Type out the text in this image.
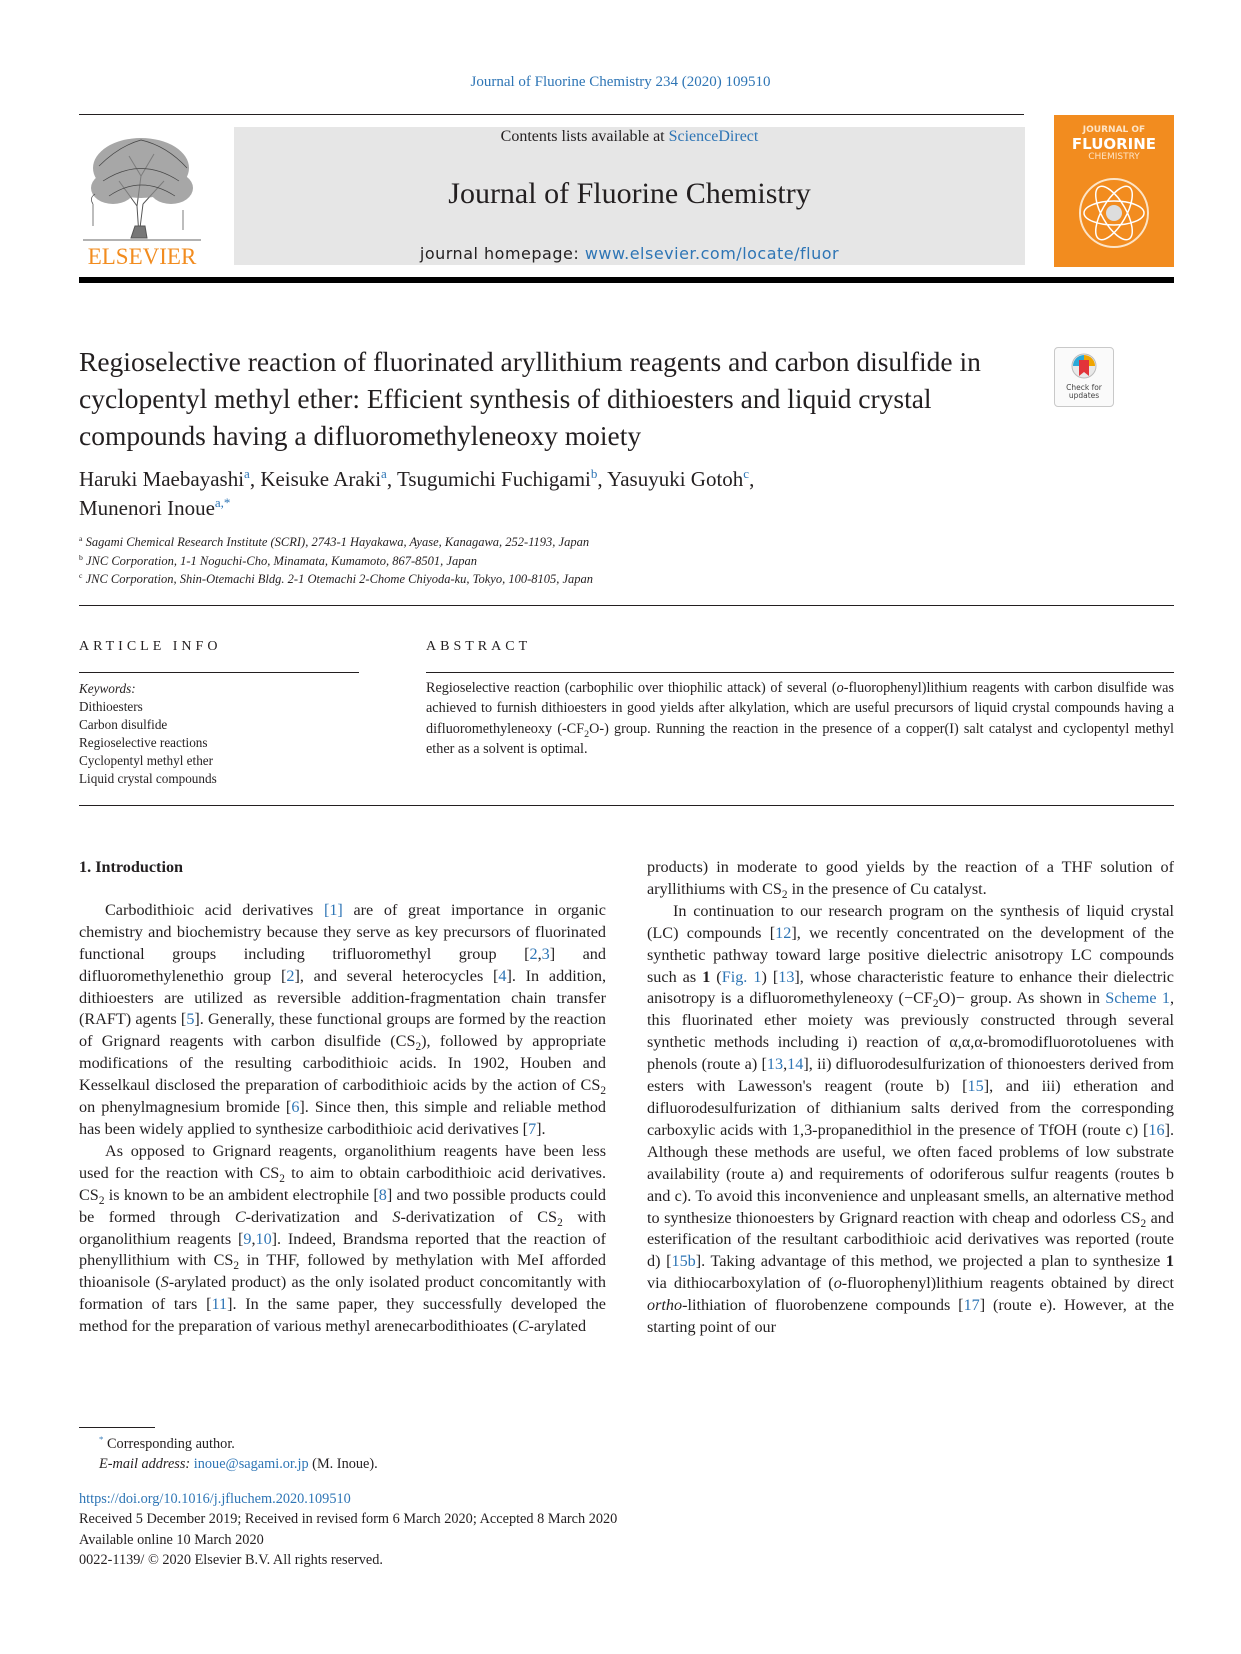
Journal of Fluorine Chemistry 234 (2020) 109510
ELSEVIER
Contents lists available at ScienceDirect
Journal of Fluorine Chemistry
journal homepage: www.elsevier.com/locate/fluor
JOURNAL OF
FLUORINE
CHEMISTRY
Regioselective reaction of fluorinated aryllithium reagents and carbon disulfide in cyclopentyl methyl ether: Efficient synthesis of dithioesters and liquid crystal compounds having a difluoromethyleneoxy moiety
Check for updates
Haruki Maebayashi$^a$, Keisuke Araki$^a$, Tsugumichi Fuchigami$^b$, Yasuyuki Gotoh$^c$,
Munenori Inoue$^{a,*}$
$^a$ Sagami Chemical Research Institute (SCRI), 2743-1 Hayakawa, Ayase, Kanagawa, 252-1193, Japan
$^b$ JNC Corporation, 1-1 Noguchi-Cho, Minamata, Kumamoto, 867-8501, Japan
$^c$ JNC Corporation, Shin-Otemachi Bldg. 2-1 Otemachi 2-Chome Chiyoda-ku, Tokyo, 100-8105, Japan
ARTICLE INFO
Keywords:
Dithioesters
Carbon disulfide
Regioselective reactions
Cyclopentyl methyl ether
Liquid crystal compounds
ABSTRACT
Regioselective reaction (carbophilic over thiophilic attack) of several (o-fluorophenyl)lithium reagents with carbon disulfide was achieved to furnish dithioesters in good yields after alkylation, which are useful precursors of liquid crystal compounds having a difluoromethyleneoxy $(-CF_2O-)$ group. Running the reaction in the presence of a copper(I) salt catalyst and cyclopentyl methyl ether as a solvent is optimal.
1. Introduction

Carbodithioic acid derivatives [1] are of great importance in organic chemistry and biochemistry because they serve as key precursors of fluorinated functional groups including trifluoromethyl group [2,3] and difluoromethylenethio group [2], and several heterocycles [4]. In addition, dithioesters are utilized as reversible addition-fragmentation chain transfer (RAFT) agents [5]. Generally, these functional groups are formed by the reaction of Grignard reagents with carbon disulfide $(CS_2)$, followed by appropriate modifications of the resulting carbodithioic acids. In 1902, Houben and Kesselkaul disclosed the preparation of carbodithioic acids by the action of $CS_2$ on phenylmagnesium bromide [6]. Since then, this simple and reliable method has been widely applied to synthesize carbodithioic acid derivatives [7].

As opposed to Grignard reagents, organolithium reagents have been less used for the reaction with $CS_2$ to aim to obtain carbodithioic acid derivatives. $CS_2$ is known to be an ambident electrophile [8] and two possible products could be formed through C-derivatization and S-derivatization of $CS_2$ with organolithium reagents [9,10]. Indeed, Brandsma reported that the reaction of phenyllithium with $CS_2$ in THF, followed by methylation with MeI afforded thioanisole (S-arylated product) as the only isolated product concomitantly with formation of tars [11]. In the same paper, they successfully developed the method for the preparation of various methyl arenecarbodithioates (C-arylated

products) in moderate to good yields by the reaction of a THF solution of aryllithiums with $CS_2$ in the presence of Cu catalyst.

In continuation to our research program on the synthesis of liquid crystal (LC) compounds [12], we recently concentrated on the development of the synthetic pathway toward large positive dielectric anisotropy LC compounds such as 1 (Fig. 1) [13], whose characteristic feature to enhance their dielectric anisotropy is a difluoromethyleneoxy $(-CF_2O)-$ group. As shown in Scheme 1, this fluorinated ether moiety was previously constructed through several synthetic methods including i) reaction of α,α,α-bromodifluorotoluenes with phenols (route a) [13,14], ii) difluorodesulfurization of thionoesters derived from esters with Lawesson's reagent (route b) [15], and iii) etheration and difluorodesulfurization of dithianium salts derived from the corresponding carboxylic acids with 1,3-propanedithiol in the presence of TfOH (route c) [16]. Although these methods are useful, we often faced problems of low substrate availability (route a) and requirements of odoriferous sulfur reagents (routes b and c). To avoid this inconvenience and unpleasant smells, an alternative method to synthesize thionoesters by Grignard reaction with cheap and odorless $CS_2$ and esterification of the resultant carbodithioic acid derivatives was reported (route d) [15b]. Taking advantage of this method, we projected a plan to synthesize 1 via dithiocarboxylation of (o-fluorophenyl)lithium reagents obtained by direct ortho-lithiation of fluorobenzene compounds [17] (route e). However, at the starting point of our

* Corresponding author.
E-mail address: inoue@sagami.or.jp (M. Inoue).
https://doi.org/10.1016/j.jfluchem.2020.109510
Received 5 December 2019; Received in revised form 6 March 2020; Accepted 8 March 2020
Available online 10 March 2020
0022-1139/ © 2020 Elsevier B.V. All rights reserved.
